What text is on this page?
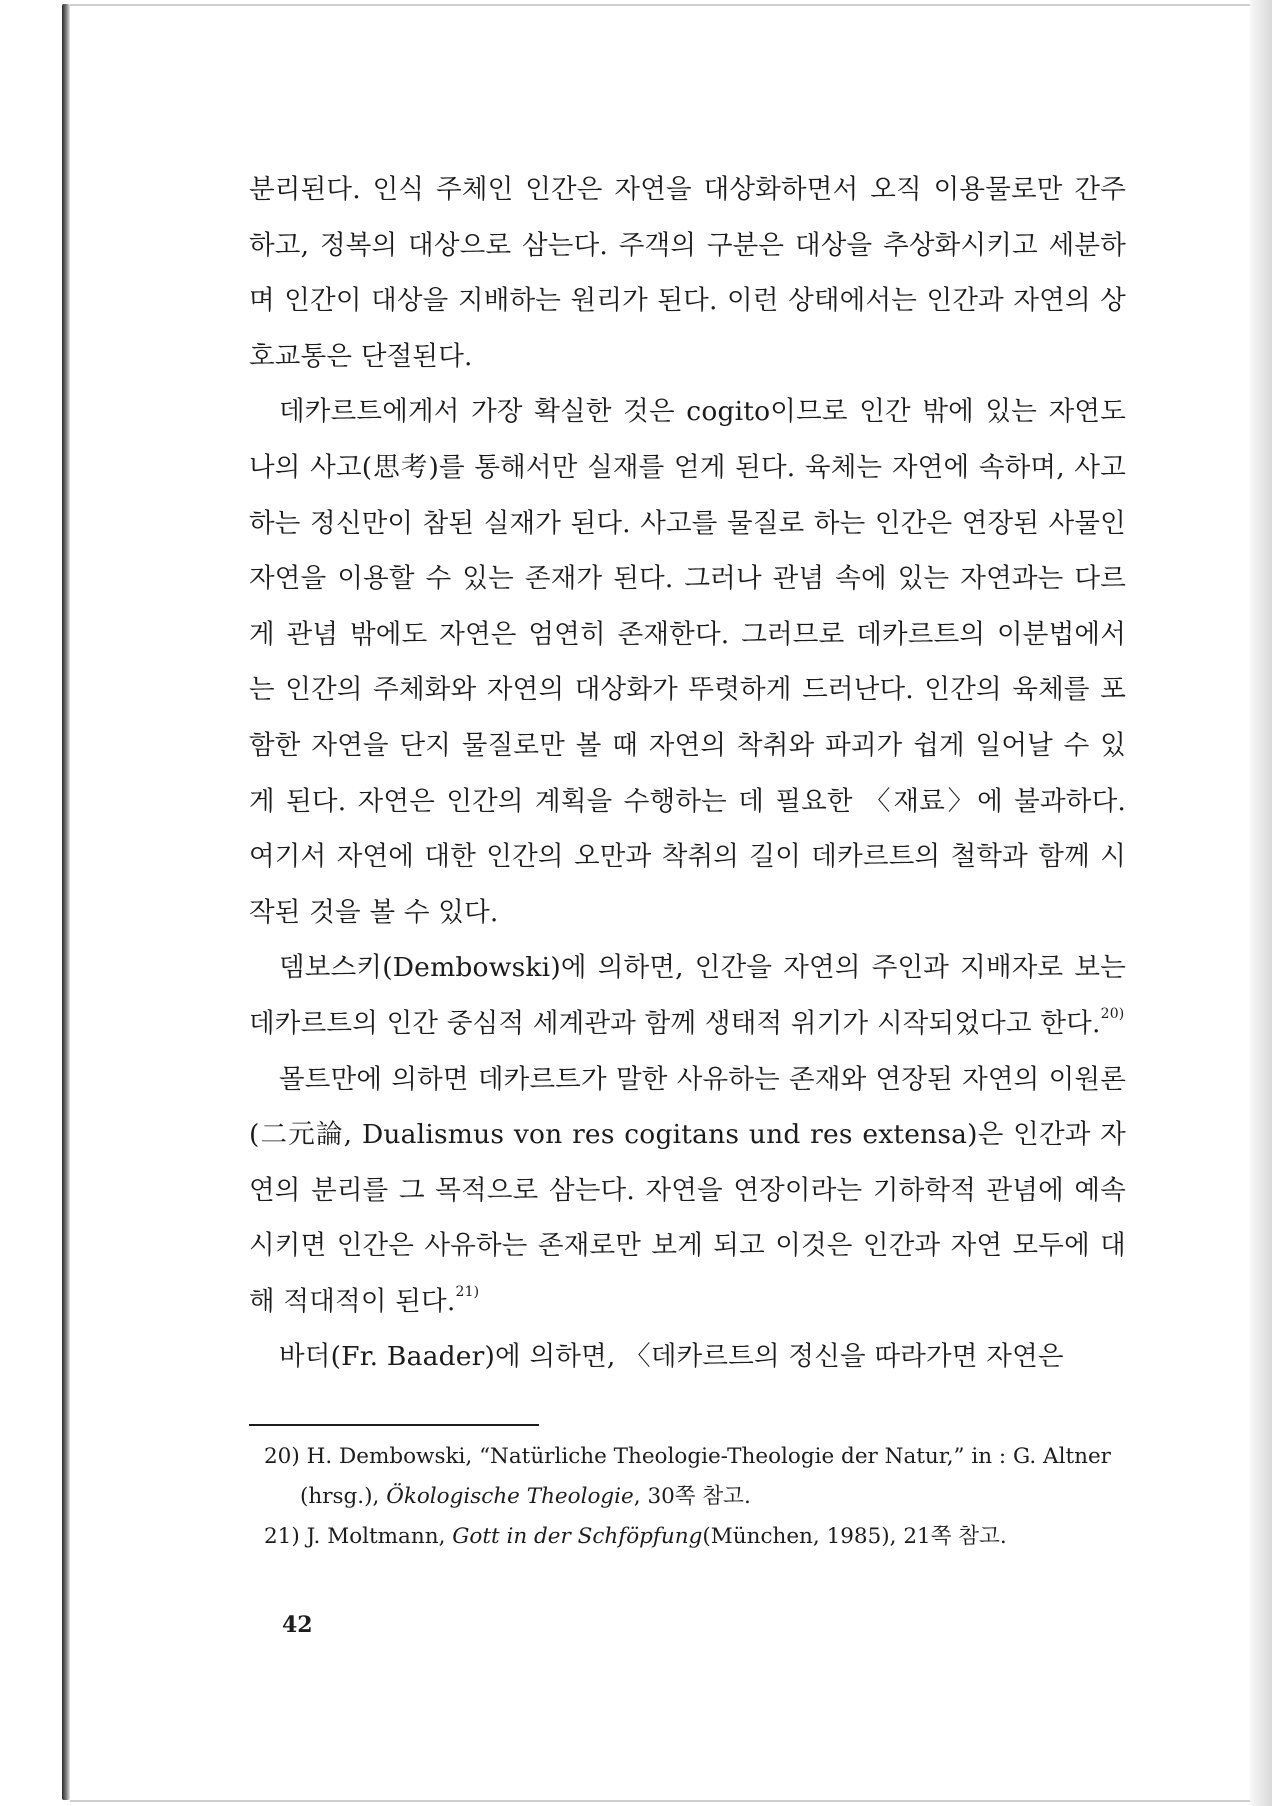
분리된다. 인식 주체인 인간은 자연을 대상화하면서 오직 이용물로만 간주하고, 정복의 대상으로 삼는다. 주객의 구분은 대상을 추상화시키고 세분하며 인간이 대상을 지배하는 원리가 된다. 이런 상태에서는 인간과 자연의 상호교통은 단절된다.

데카르트에게서 가장 확실한 것은 cogito이므로 인간 밖에 있는 자연도 나의 사고(思考)를 통해서만 실재를 얻게 된다. 육체는 자연에 속하며, 사고하는 정신만이 참된 실재가 된다. 사고를 물질로 하는 인간은 연장된 사물인 자연을 이용할 수 있는 존재가 된다. 그러나 관념 속에 있는 자연과는 다르게 관념 밖에도 자연은 엄연히 존재한다. 그러므로 데카르트의 이분법에서는 인간의 주체화와 자연의 대상화가 뚜렷하게 드러난다. 인간의 육체를 포함한 자연을 단지 물질로만 볼 때 자연의 착취와 파괴가 쉽게 일어날 수 있게 된다. 자연은 인간의 계획을 수행하는 데 필요한 〈재료〉에 불과하다. 여기서 자연에 대한 인간의 오만과 착취의 길이 데카르트의 철학과 함께 시작된 것을 볼 수 있다.

뎀보스키(Dembowski)에 의하면, 인간을 자연의 주인과 지배자로 보는 데카르트의 인간 중심적 세계관과 함께 생태적 위기가 시작되었다고 한다.$^{20)}$

몰트만에 의하면 데카르트가 말한 사유하는 존재와 연장된 자연의 이원론(二元論, Dualismus von res cogitans und res extensa)은 인간과 자연의 분리를 그 목적으로 삼는다. 자연을 연장이라는 기하학적 관념에 예속시키면 인간은 사유하는 존재로만 보게 되고 이것은 인간과 자연 모두에 대해 적대적이 된다.$^{21)}$

바더(Fr. Baader)에 의하면, 〈데카르트의 정신을 따라가면 자연은

20) H. Dembowski, “Natürliche Theologie-Theologie der Natur,” in : G. Altner (hrsg.), Ökologische Theologie, 30쪽 참고.

21) J. Moltmann, Gott in der Schföpfung(München, 1985), 21쪽 참고.

42
